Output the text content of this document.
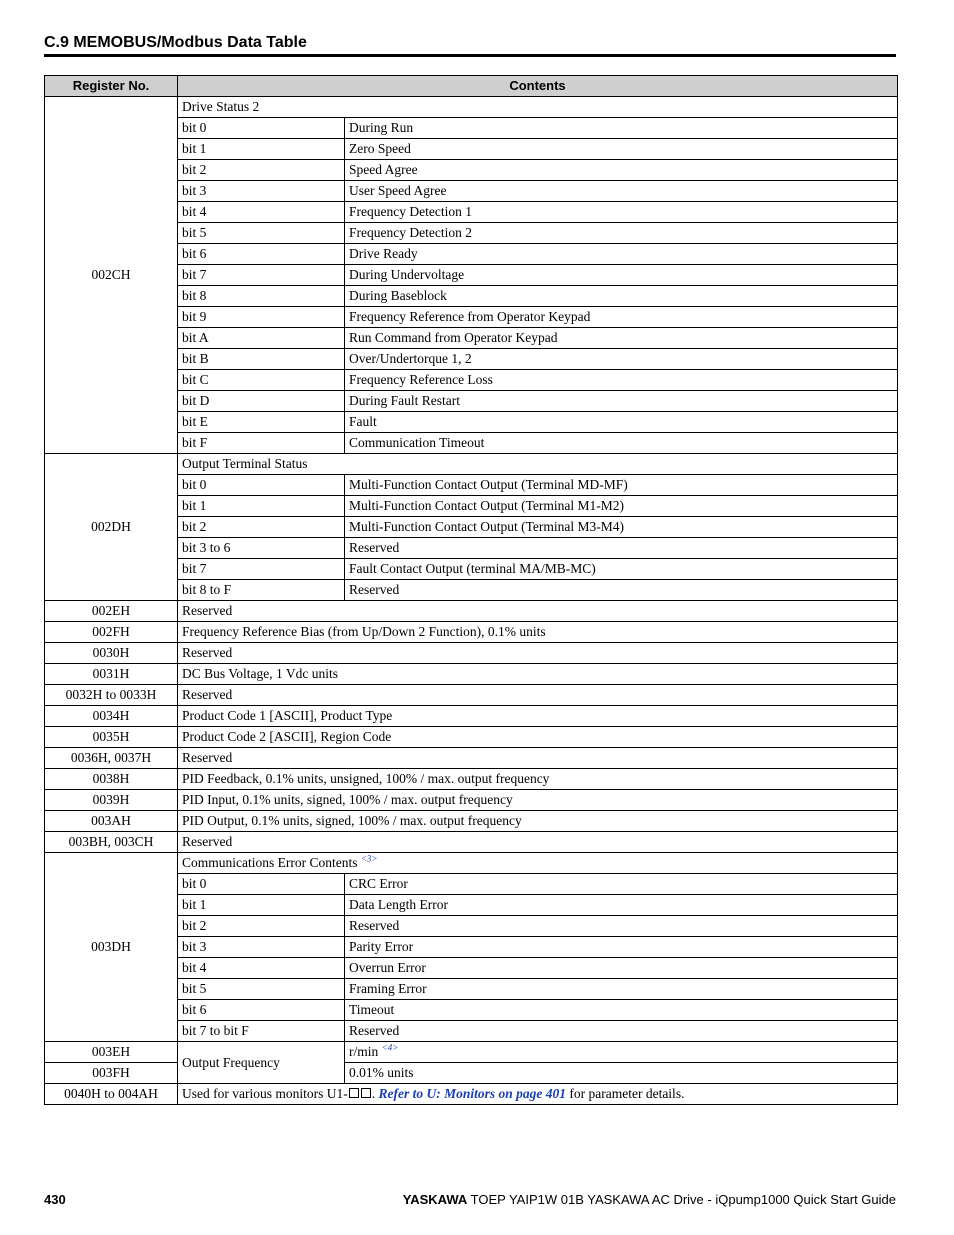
C.9 MEMOBUS/Modbus Data Table
Register No.	Contents	
002CH	Drive Status 2	
	bit 0	During Run
	bit 1	Zero Speed
	bit 2	Speed Agree
	bit 3	User Speed Agree
	bit 4	Frequency Detection 1
	bit 5	Frequency Detection 2
	bit 6	Drive Ready
	bit 7	During Undervoltage
	bit 8	During Baseblock
	bit 9	Frequency Reference from Operator Keypad
	bit A	Run Command from Operator Keypad
	bit B	Over/Undertorque 1, 2
	bit C	Frequency Reference Loss
	bit D	During Fault Restart
	bit E	Fault
	bit F	Communication Timeout
002DH	Output Terminal Status	
	bit 0	Multi-Function Contact Output (Terminal MD-MF)
	bit 1	Multi-Function Contact Output (Terminal M1-M2)
	bit 2	Multi-Function Contact Output (Terminal M3-M4)
	bit 3 to 6	Reserved
	bit 7	Fault Contact Output (terminal MA/MB-MC)
	bit 8 to F	Reserved
002EH	Reserved	
002FH	Frequency Reference Bias (from Up/Down 2 Function), 0.1% units	
0030H	Reserved	
0031H	DC Bus Voltage, 1 Vdc units	
0032H to 0033H	Reserved	
0034H	Product Code 1 [ASCII], Product Type	
0035H	Product Code 2 [ASCII], Region Code	
0036H, 0037H	Reserved	
0038H	PID Feedback, 0.1% units, unsigned, 100% / max. output frequency	
0039H	PID Input, 0.1% units, signed, 100% / max. output frequency	
003AH	PID Output, 0.1% units, signed, 100% / max. output frequency	
003BH, 003CH	Reserved	
003DH	Communications Error Contents $^{<3>}$
	bit 0	CRC Error
	bit 1	Data Length Error
	bit 2	Reserved
	bit 3	Parity Error
	bit 4	Overrun Error
	bit 5	Framing Error
	bit 6	Timeout
	bit 7 to bit F	Reserved
003EH	Output Frequency	r/min $^{<4>}$
003FH		0.01% units
0040H to 004AH	Used for various monitors U1- . Refer to U: Monitors on page 401 for parameter details.	
430	YASKAWA TOEP YAIP1W 01B YASKAWA AC Drive - iQpump1000 Quick Start Guide
